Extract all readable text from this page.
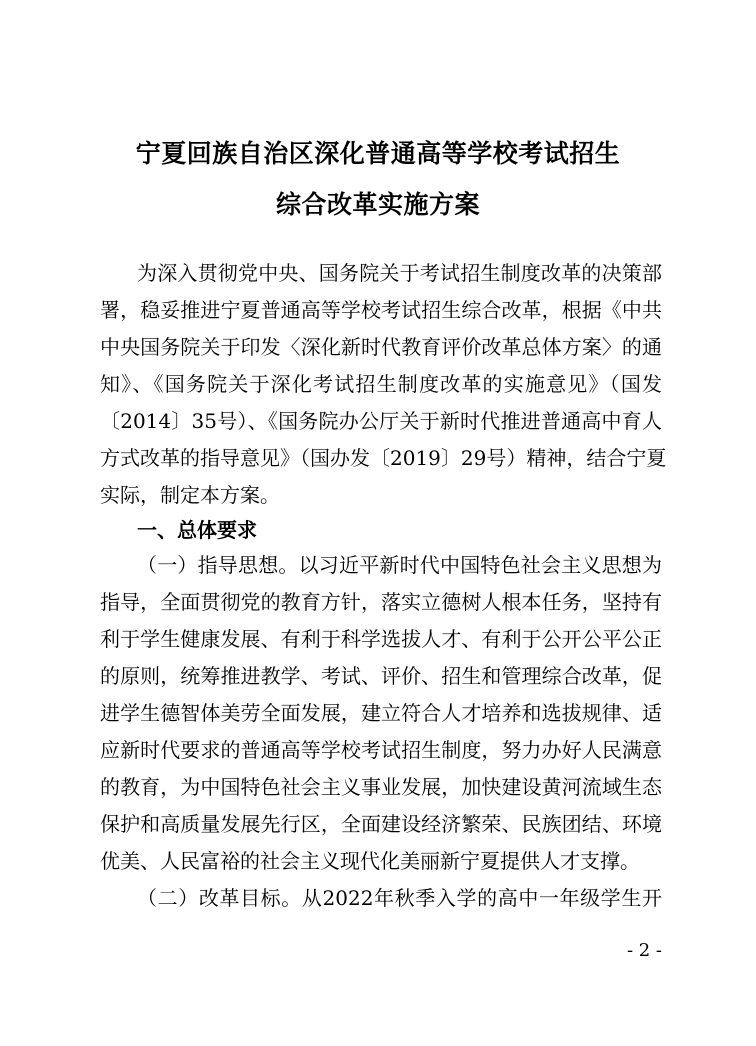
宁夏回族自治区深化普通高等学校考试招生
综合改革实施方案
为深入贯彻党中央、国务院关于考试招生制度改革的决策部
署，稳妥推进宁夏普通高等学校考试招生综合改革，根据《中共
中央国务院关于印发〈深化新时代教育评价改革总体方案〉的通
知》、《国务院关于深化考试招生制度改革的实施意见》（国发
〔2014〕35号）、《国务院办公厅关于新时代推进普通高中育人
方式改革的指导意见》（国办发〔2019〕29号）精神，结合宁夏
实际，制定本方案。
一、总体要求
（一）指导思想。以习近平新时代中国特色社会主义思想为
指导，全面贯彻党的教育方针，落实立德树人根本任务，坚持有
利于学生健康发展、有利于科学选拔人才、有利于公开公平公正
的原则，统筹推进教学、考试、评价、招生和管理综合改革，促
进学生德智体美劳全面发展，建立符合人才培养和选拔规律、适
应新时代要求的普通高等学校考试招生制度，努力办好人民满意
的教育，为中国特色社会主义事业发展，加快建设黄河流域生态
保护和高质量发展先行区，全面建设经济繁荣、民族团结、环境
优美、人民富裕的社会主义现代化美丽新宁夏提供人才支撑。
（二）改革目标。从2022年秋季入学的高中一年级学生开
- 2 -
